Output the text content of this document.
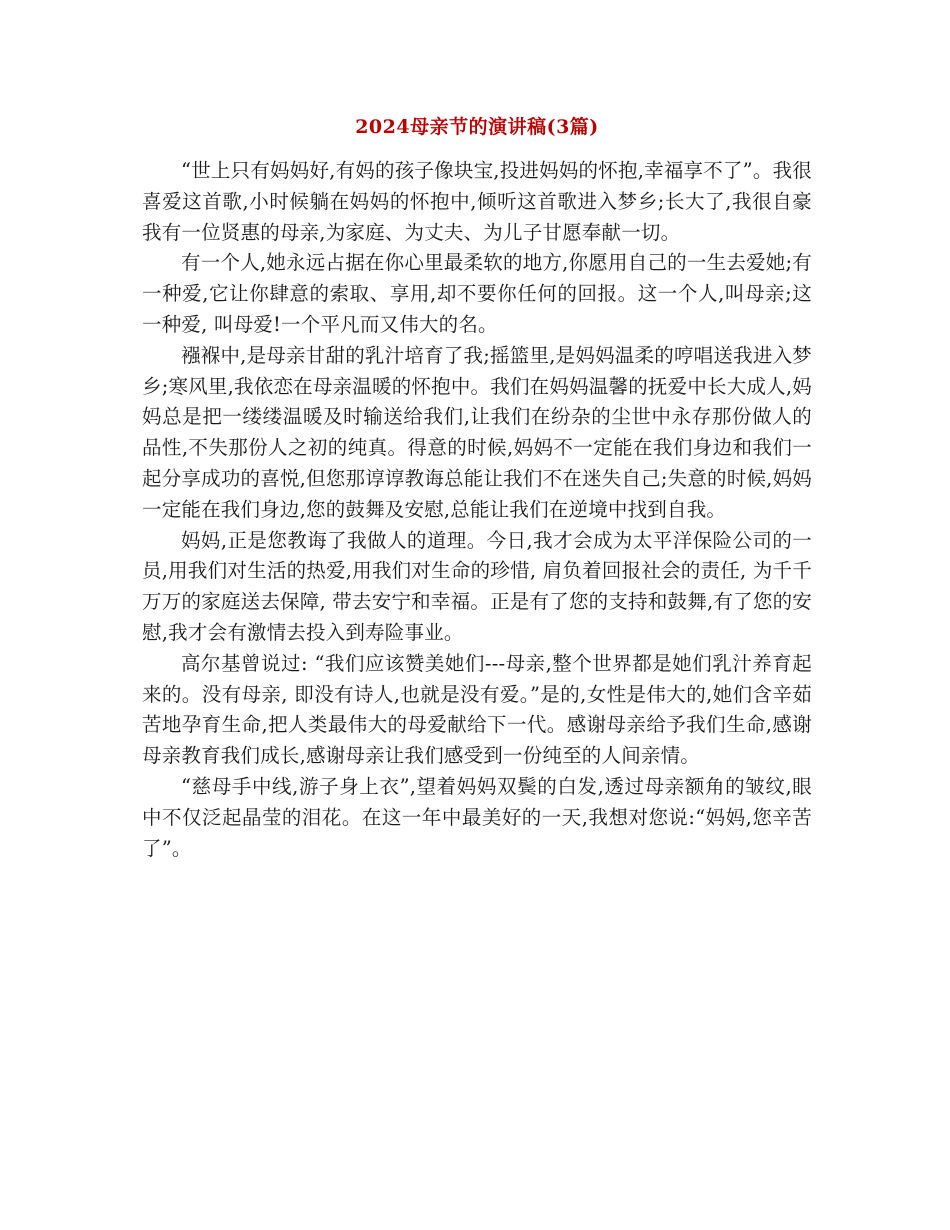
2024母亲节的演讲稿(3篇)

“世上只有妈妈好,有妈的孩子像块宝,投进妈妈的怀抱,幸福享不了”。我很喜爱这首歌,小时候躺在妈妈的怀抱中,倾听这首歌进入梦乡;长大了,我很自豪我有一位贤惠的母亲,为家庭、为丈夫、为儿子甘愿奉献一切。

有一个人,她永远占据在你心里最柔软的地方,你愿用自己的一生去爱她;有一种爱,它让你肆意的索取、享用,却不要你任何的回报。这一个人,叫母亲;这一种爱, 叫母爱!一个平凡而又伟大的名。

襁褓中,是母亲甘甜的乳汁培育了我;摇篮里,是妈妈温柔的哼唱送我进入梦乡;寒风里,我依恋在母亲温暖的怀抱中。我们在妈妈温馨的抚爱中长大成人,妈妈总是把一缕缕温暖及时输送给我们,让我们在纷杂的尘世中永存那份做人的品性,不失那份人之初的纯真。得意的时候,妈妈不一定能在我们身边和我们一起分享成功的喜悦,但您那谆谆教诲总能让我们不在迷失自己;失意的时候,妈妈一定能在我们身边,您的鼓舞及安慰,总能让我们在逆境中找到自我。

妈妈,正是您教诲了我做人的道理。今日,我才会成为太平洋保险公司的一员,用我们对生活的热爱,用我们对生命的珍惜, 肩负着回报社会的责任, 为千千万万的家庭送去保障, 带去安宁和幸福。正是有了您的支持和鼓舞,有了您的安慰,我才会有激情去投入到寿险事业。

高尔基曾说过: “我们应该赞美她们---母亲,整个世界都是她们乳汁养育起来的。没有母亲, 即没有诗人,也就是没有爱。”是的,女性是伟大的,她们含辛茹苦地孕育生命,把人类最伟大的母爱献给下一代。感谢母亲给予我们生命,感谢母亲教育我们成长,感谢母亲让我们感受到一份纯至的人间亲情。

“慈母手中线,游子身上衣”,望着妈妈双鬓的白发,透过母亲额角的皱纹,眼中不仅泛起晶莹的泪花。在这一年中最美好的一天,我想对您说:“妈妈,您辛苦了”。
